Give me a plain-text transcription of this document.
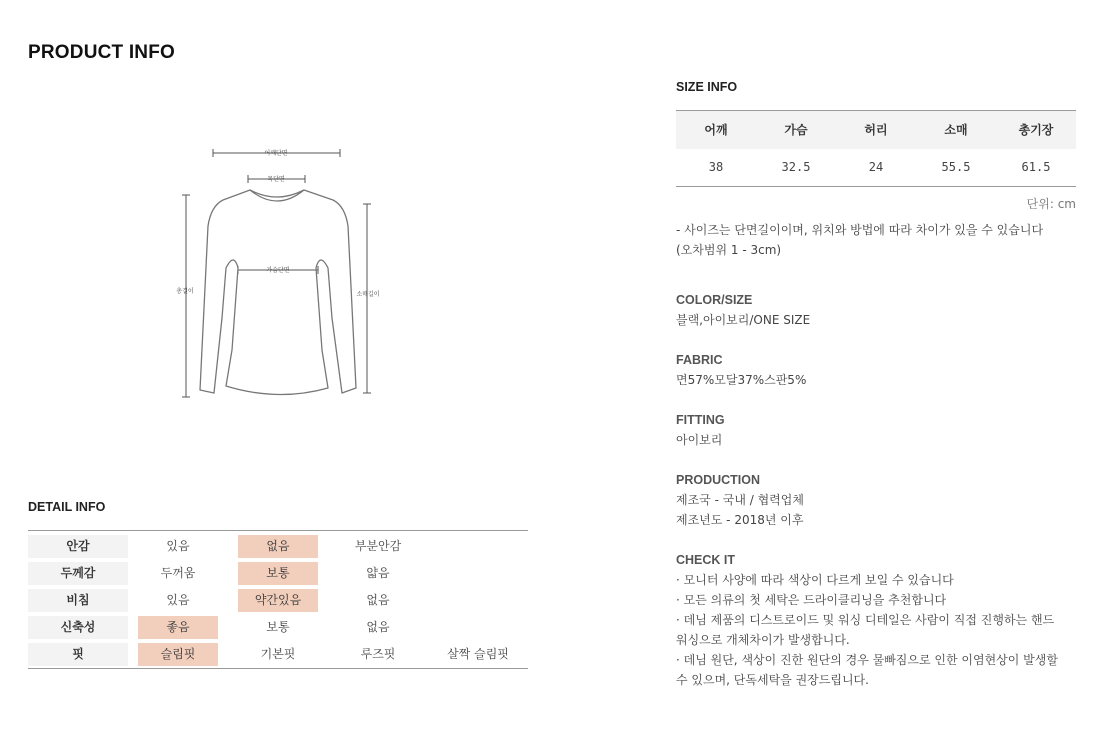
PRODUCT INFO
어깨단면
목단면
가슴단면
총길이	소매길이
DETAIL INFO
안감	있음	없음	부분안감
두께감	두꺼움	보통	얇음
비침	있음	약간있음	없음
신축성	좋음	보통	없음
핏	슬림핏	기본핏	루즈핏	살짝 슬림핏
SIZE INFO
어깨	가슴	허리	소매	총기장
38	32.5	24	55.5	61.5
단위: cm
- 사이즈는 단면길이이며, 위치와 방법에 따라 차이가 있을 수 있습니다
(오차범위 1 - 3cm)
COLOR/SIZE
블랙,아이보리/ONE SIZE
FABRIC
면57%모달37%스판5%
FITTING
아이보리
PRODUCTION
제조국 - 국내 / 협력업체
제조년도 - 2018년 이후
CHECK IT
· 모니터 사양에 따라 색상이 다르게 보일 수 있습니다
· 모든 의류의 첫 세탁은 드라이클리닝을 추천합니다
· 데님 제품의 디스트로이드 및 워싱 디테일은 사람이 직접 진행하는 핸드
워싱으로 개체차이가 발생합니다.
· 데님 원단, 색상이 진한 원단의 경우 물빠짐으로 인한 이염현상이 발생할
수 있으며, 단독세탁을 권장드립니다.
